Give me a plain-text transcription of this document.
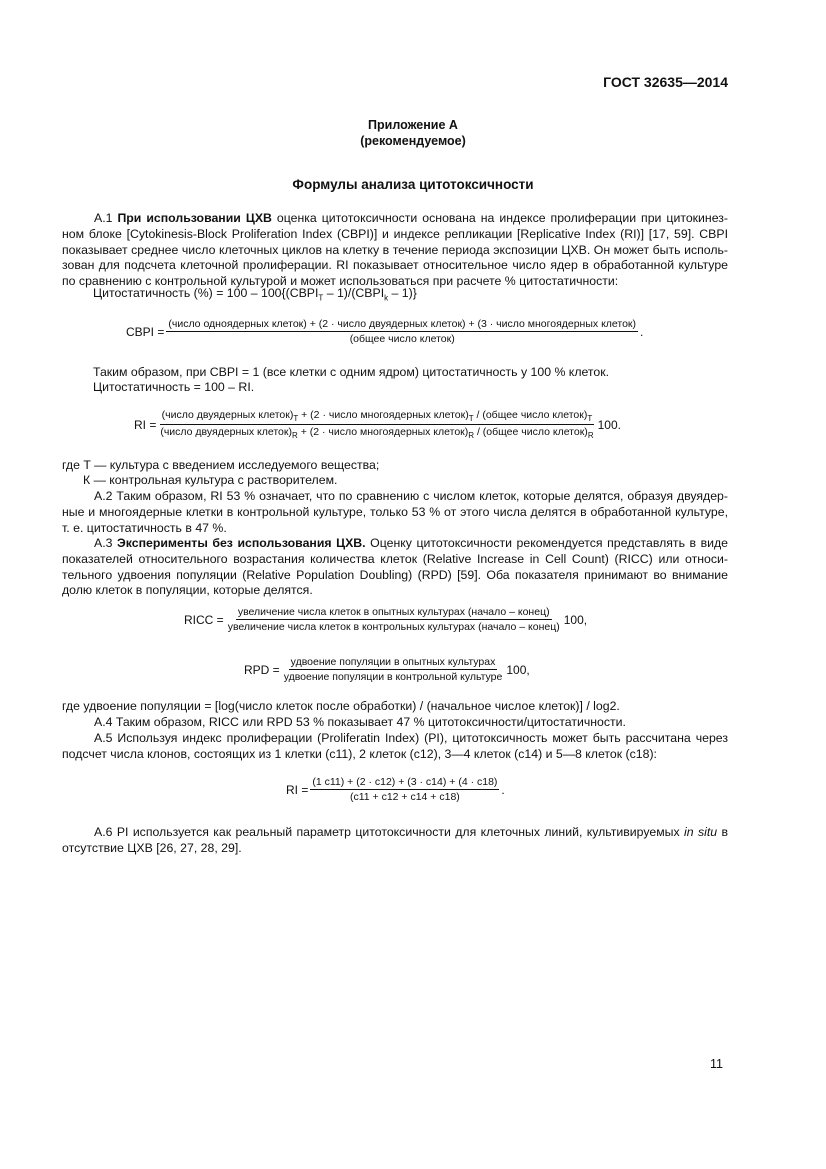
ГОСТ 32635—2014
Приложение А
(рекомендуемое)
Формулы анализа цитотоксичности
А.1 При использовании ЦХВ оценка цитотоксичности основана на индексе пролиферации при цитокинез-ном блоке [Cytokinesis-Block Proliferation Index (CBPI)] и индексе репликации [Replicative Index (RI)] [17, 59]. CBPI показывает среднее число клеточных циклов на клетку в течение периода экспозиции ЦХВ. Он может быть исполь-зован для подсчета клеточной пролиферации. RI показывает относительное число ядер в обработанной культуре по сравнению с контрольной культурой и может использоваться при расчете % цитостатичности:
Цитостатичность (%) = $100 - 100\{(CBPI_T$ – $1)/(CBPI_k - 1)$}
CBPI =
(число одноядерных клеток) + (2 · число двуядерных клеток) + (3 · число многоядерных клеток)
(общее число клеток)
.
Таким образом, при CBPI = 1 (все клетки с одним ядром) цитостатичность у 100 % клеток.
Цитостатичность = 100 – RI.
RI =
(число двуядерных $клеток)_T + (2$ · число многоядерных $клеток)_T$ / (общее число $клеток)_T$
(число двуядерных $клеток)_R + (2$ · число многоядерных $клеток)_R$ / (общее число $клеток)_R$
100.
где T — культура с введением исследуемого вещества;
К — контрольная культура с растворителем.
А.2 Таким образом, RI 53 % означает, что по сравнению с числом клеток, которые делятся, образуя двуядер-ные и многоядерные клетки в контрольной культуре, только 53 % от этого числа делятся в обработанной культуре, т. е. цитостатичность в 47 %.
А.3 Эксперименты без использования ЦХВ. Оценку цитотоксичности рекомендуется представлять в виде показателей относительного возрастания количества клеток (Relative Increase in Cell Count) (RICC) или относи-тельного удвоения популяции (Relative Population Doubling) (RPD) [59]. Оба показателя принимают во внимание долю клеток в популяции, которые делятся.
RICC =
увеличение числа клеток в опытных культурах (начало – конец)
увеличение числа клеток в контрольных культурах (начало – конец)
100,
RPD = $\frac{\text{удвоение популяции в опытных культурах}}{\text{удвоение популяции в контрольной культуре}} 100$,
где удвоение популяции = [log(число клеток после обработки) / (начальное числое клеток)] / log2.
А.4 Таким образом, RICC или RPD 53 % показывает 47 % цитотоксичности/цитостатичности.
А.5 Используя индекс пролиферации (Proliferatin Index) (PI), цитотоксичность может быть рассчитана через подсчет числа клонов, состоящих из 1 клетки (c11), 2 клеток (c12), 3—4 клеток (c14) и 5—8 клеток (c18):
RI = $\frac{(1 c11) + (2 \cdot c12) + (3 \cdot c14) + (4 \cdot c18)}{(c11 + c12 + c14 + c18)}$ .
А.6 PI используется как реальный параметр цитотоксичности для клеточных линий, культивируемых in situ в отсутствие ЦХВ [26, 27, 28, 29].
11
